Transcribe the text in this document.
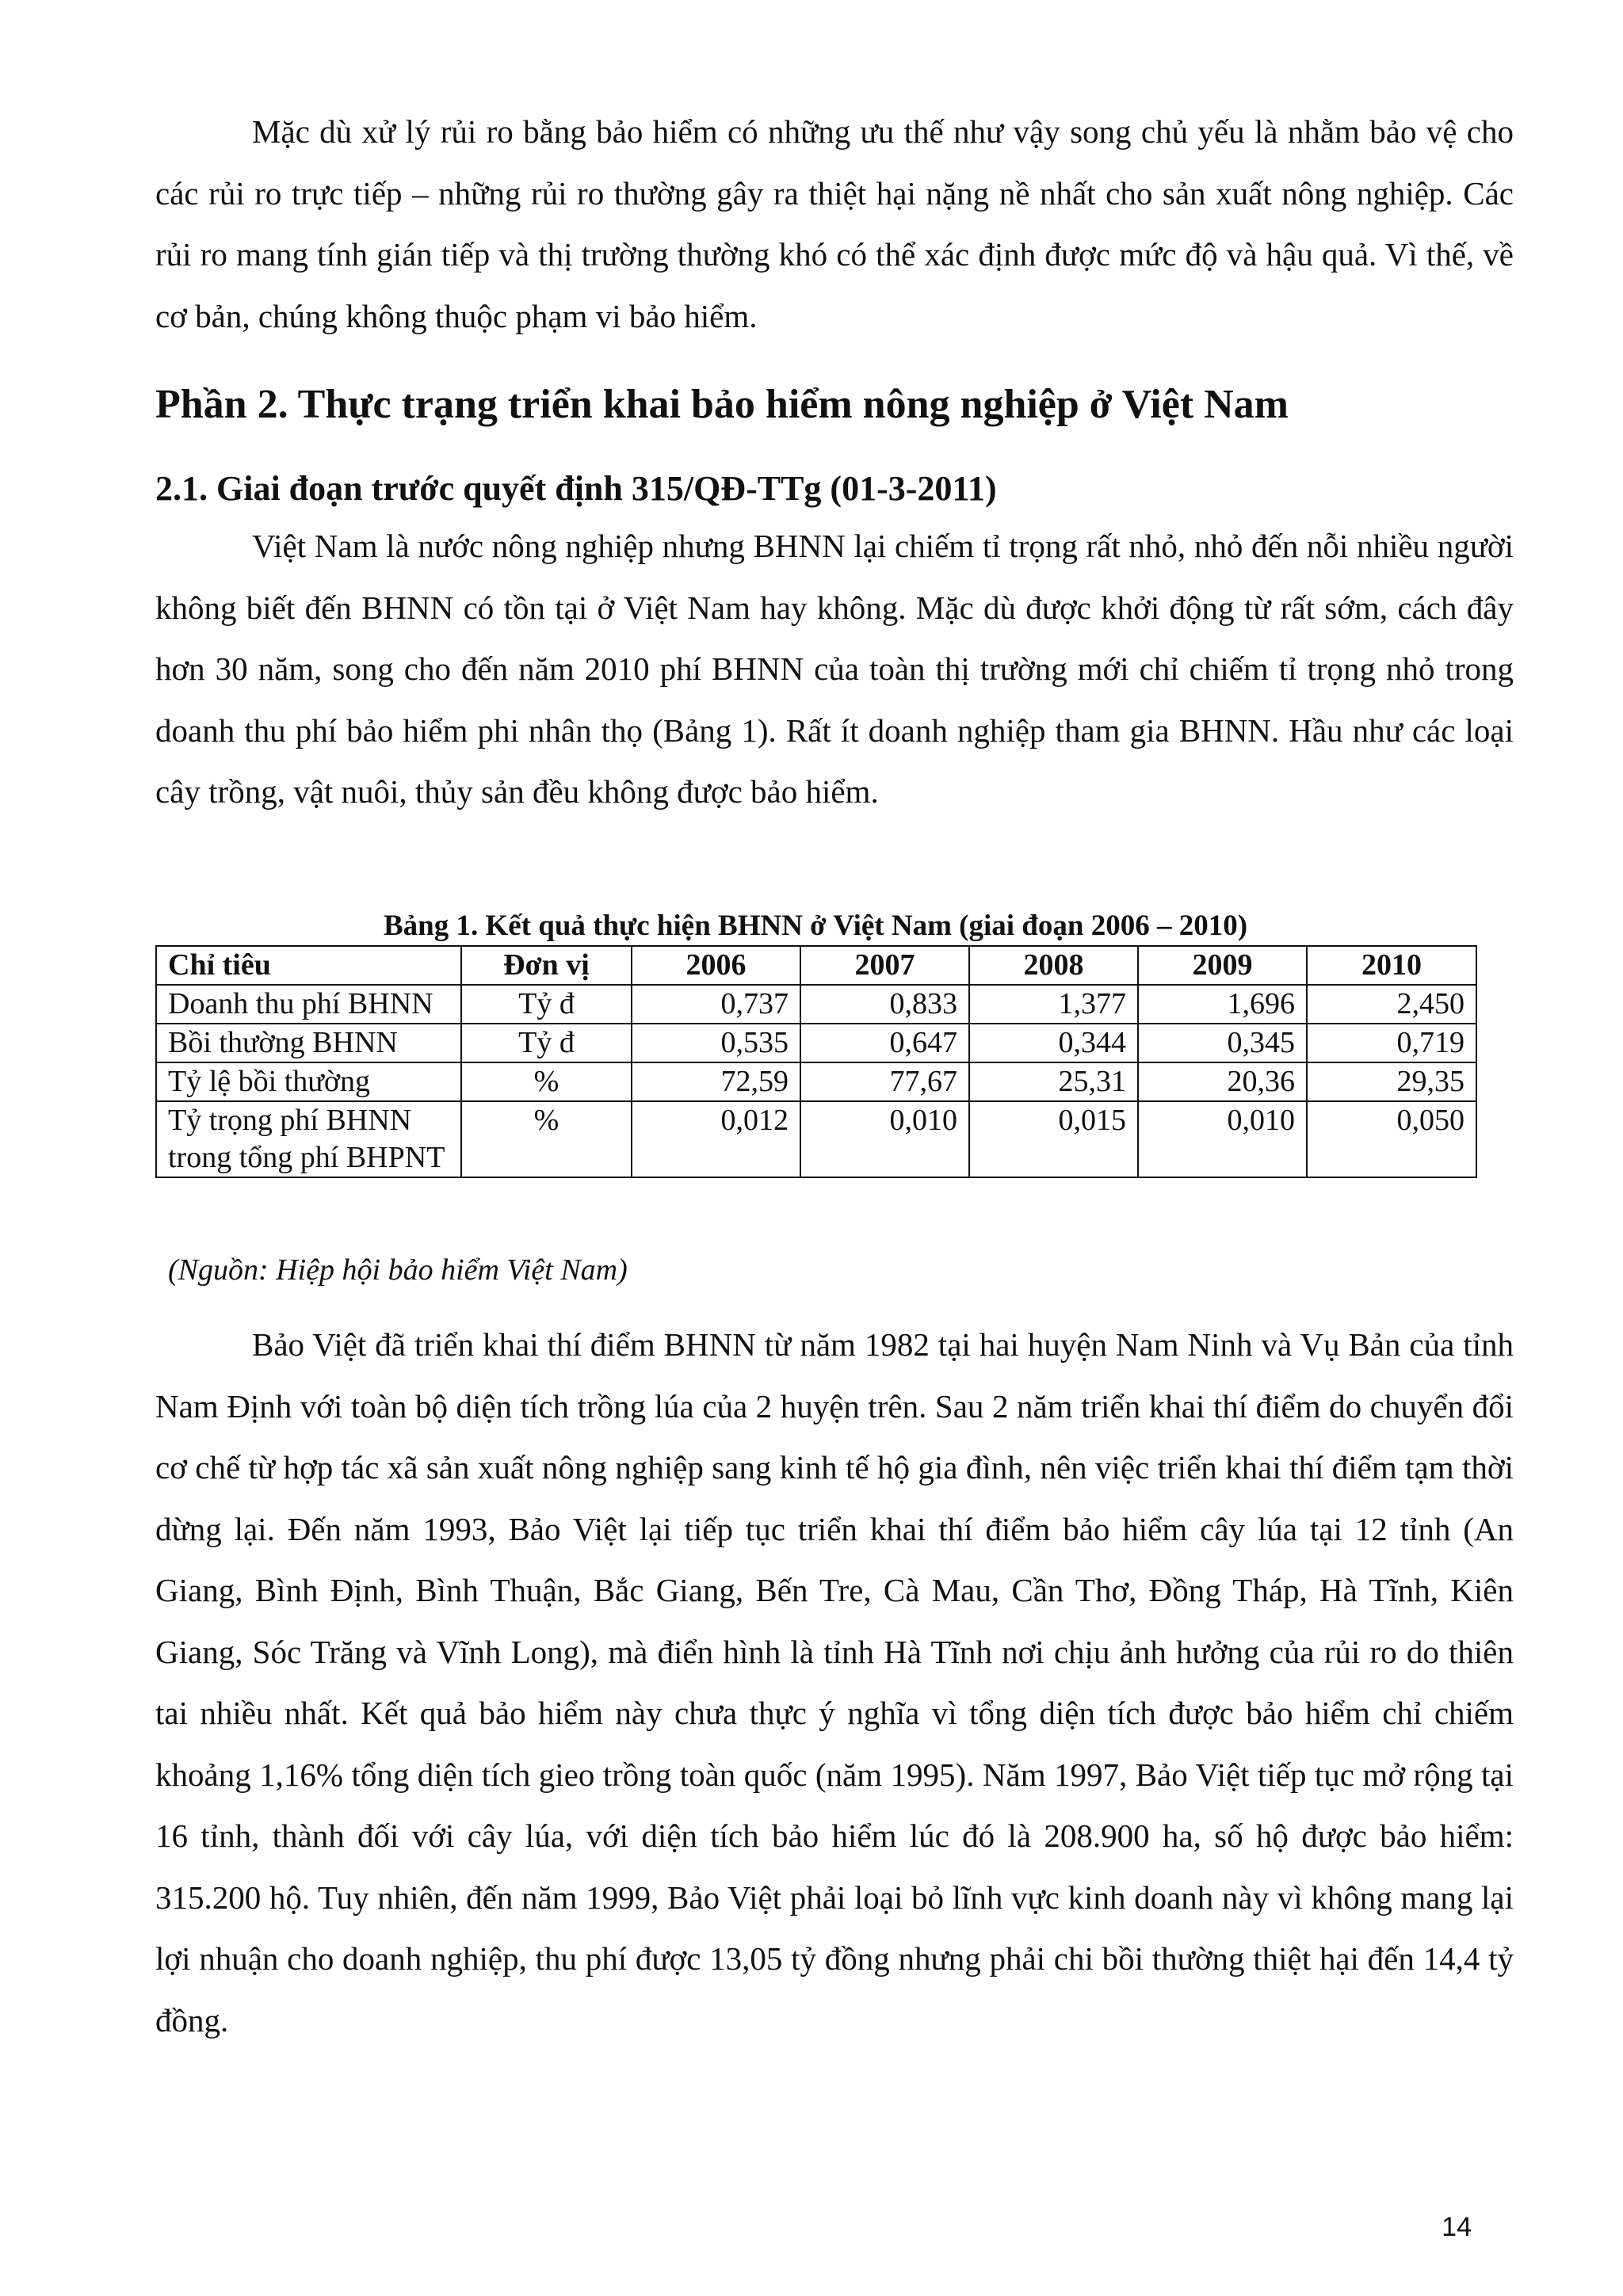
Mặc dù xử lý rủi ro bằng bảo hiểm có những ưu thế như vậy song chủ yếu là nhằm bảo vệ cho các rủi ro trực tiếp – những rủi ro thường gây ra thiệt hại nặng nề nhất cho sản xuất nông nghiệp. Các rủi ro mang tính gián tiếp và thị trường thường khó có thể xác định được mức độ và hậu quả. Vì thế, về cơ bản, chúng không thuộc phạm vi bảo hiểm.

Phần 2. Thực trạng triển khai bảo hiểm nông nghiệp ở Việt Nam
2.1. Giai đoạn trước quyết định 315/QĐ-TTg (01-3-2011)

Việt Nam là nước nông nghiệp nhưng BHNN lại chiếm tỉ trọng rất nhỏ, nhỏ đến nỗi nhiều người không biết đến BHNN có tồn tại ở Việt Nam hay không. Mặc dù được khởi động từ rất sớm, cách đây hơn 30 năm, song cho đến năm 2010 phí BHNN của toàn thị trường mới chỉ chiếm tỉ trọng nhỏ trong doanh thu phí bảo hiểm phi nhân thọ (Bảng 1). Rất ít doanh nghiệp tham gia BHNN. Hầu như các loại cây trồng, vật nuôi, thủy sản đều không được bảo hiểm.

Bảng 1. Kết quả thực hiện BHNN ở Việt Nam (giai đoạn 2006 – 2010)

Chỉ tiêu	Đơn vị	2006	2007	2008	2009	2010
Doanh thu phí BHNN	Tỷ đ	0,737	0,833	1,377	1,696	2,450
Bồi thường BHNN	Tỷ đ	0,535	0,647	0,344	0,345	0,719
Tỷ lệ bồi thường	%	72,59	77,67	25,31	20,36	29,35
Tỷ trọng phí BHNN trong tổng phí BHPNT	%	0,012	0,010	0,015	0,010	0,050

(Nguồn: Hiệp hội bảo hiểm Việt Nam)

Bảo Việt đã triển khai thí điểm BHNN từ năm 1982 tại hai huyện Nam Ninh và Vụ Bản của tỉnh Nam Định với toàn bộ diện tích trồng lúa của 2 huyện trên. Sau 2 năm triển khai thí điểm do chuyển đổi cơ chế từ hợp tác xã sản xuất nông nghiệp sang kinh tế hộ gia đình, nên việc triển khai thí điểm tạm thời dừng lại. Đến năm 1993, Bảo Việt lại tiếp tục triển khai thí điểm bảo hiểm cây lúa tại 12 tỉnh (An Giang, Bình Định, Bình Thuận, Bắc Giang, Bến Tre, Cà Mau, Cần Thơ, Đồng Tháp, Hà Tĩnh, Kiên Giang, Sóc Trăng và Vĩnh Long), mà điển hình là tỉnh Hà Tĩnh nơi chịu ảnh hưởng của rủi ro do thiên tai nhiều nhất. Kết quả bảo hiểm này chưa thực ý nghĩa vì tổng diện tích được bảo hiểm chỉ chiếm khoảng 1,16% tổng diện tích gieo trồng toàn quốc (năm 1995). Năm 1997, Bảo Việt tiếp tục mở rộng tại 16 tỉnh, thành đối với cây lúa, với diện tích bảo hiểm lúc đó là 208.900 ha, số hộ được bảo hiểm: 315.200 hộ. Tuy nhiên, đến năm 1999, Bảo Việt phải loại bỏ lĩnh vực kinh doanh này vì không mang lại lợi nhuận cho doanh nghiệp, thu phí được 13,05 tỷ đồng nhưng phải chi bồi thường thiệt hại đến 14,4 tỷ đồng.

14
